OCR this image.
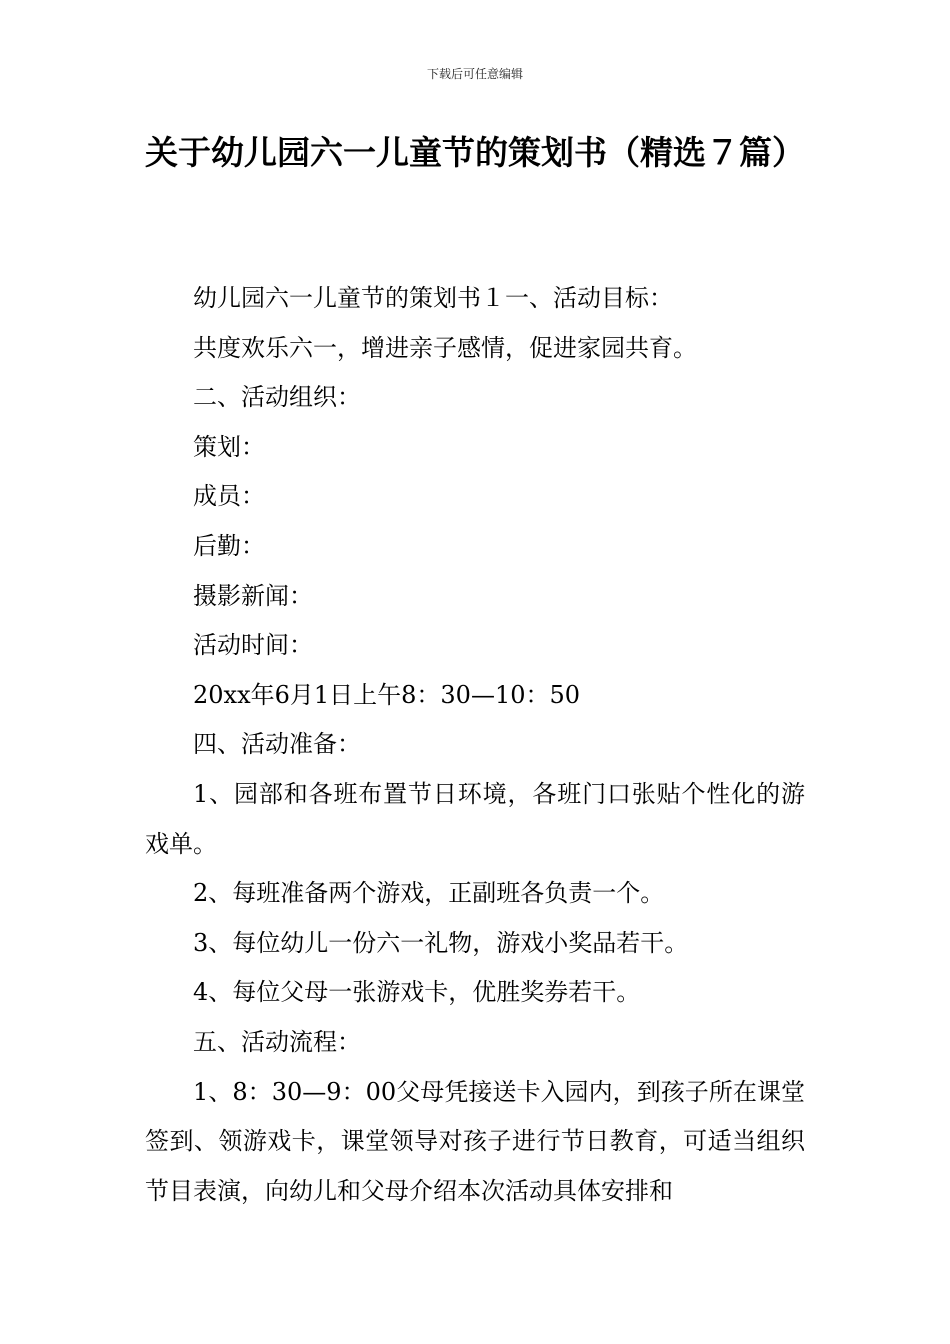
下载后可任意编辑
关于幼儿园六一儿童节的策划书（精选７篇）

幼儿园六一儿童节的策划书１一、活动目标：

共度欢乐六一，增进亲子感情，促进家园共育。

二、活动组织：

策划：

成员：

后勤：

摄影新闻：

活动时间：

20xx年6月1日上午8：30—10：50

四、活动准备：

1、园部和各班布置节日环境，各班门口张贴个性化的游戏单。

2、每班准备两个游戏，正副班各负责一个。

3、每位幼儿一份六一礼物，游戏小奖品若干。

4、每位父母一张游戏卡，优胜奖券若干。

五、活动流程：

1、8：30—9：00父母凭接送卡入园内，到孩子所在课堂签到、领游戏卡，课堂领导对孩子进行节日教育，可适当组织节目表演，向幼儿和父母介绍本次活动具体安排和
